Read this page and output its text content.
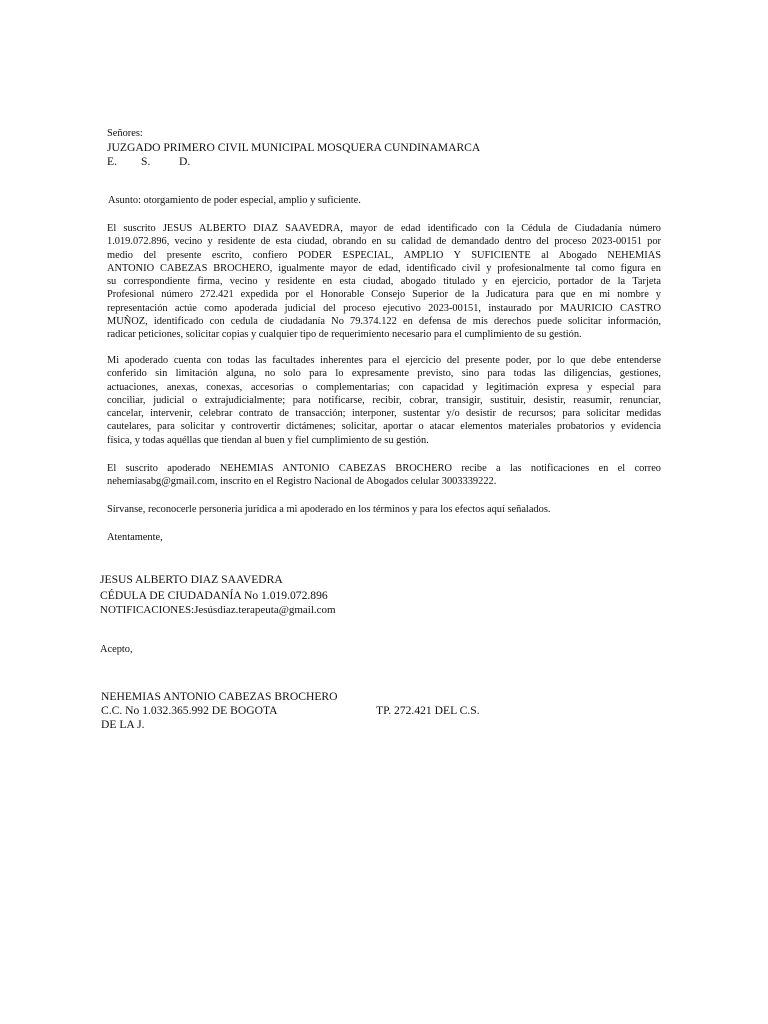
Señores:
JUZGADO PRIMERO CIVIL MUNICIPAL MOSQUERA CUNDINAMARCA
E. S. D.
Asunto: otorgamiento de poder especial, amplio y suficiente.
El suscrito JESUS ALBERTO DIAZ SAAVEDRA, mayor de edad identificado con la Cédula de Ciudadanía número
1.019.072.896, vecino y residente de esta ciudad, obrando en su calidad de demandado dentro del proceso 2023-00151 por
medio del presente escrito, confiero PODER ESPECIAL, AMPLIO Y SUFICIENTE al Abogado NEHEMIAS
ANTONIO CABEZAS BROCHERO, igualmente mayor de edad, identificado civil y profesionalmente tal como figura en
su correspondiente firma, vecino y residente en esta ciudad, abogado titulado y en ejercicio, portador de la Tarjeta
Profesional número 272.421 expedida por el Honorable Consejo Superior de la Judicatura para que en mi nombre y
representación actúe como apoderada judicial del proceso ejecutivo 2023-00151, instaurado por MAURICIO CASTRO
MUÑOZ, identificado con cedula de ciudadanía No 79.374.122 en defensa de mis derechos puede solicitar información,
radicar peticiones, solicitar copias y cualquier tipo de requerimiento necesario para el cumplimiento de su gestión.
Mi apoderado cuenta con todas las facultades inherentes para el ejercicio del presente poder, por lo que debe entenderse
conferido sin limitación alguna, no solo para lo expresamente previsto, sino para todas las diligencias, gestiones,
actuaciones, anexas, conexas, accesorias o complementarias; con capacidad y legitimación expresa y especial para
conciliar, judicial o extrajudicialmente; para notificarse, recibir, cobrar, transigir, sustituir, desistir, reasumir, renunciar,
cancelar, intervenir, celebrar contrato de transacción; interponer, sustentar y/o desistir de recursos; para solicitar medidas
cautelares, para solicitar y controvertir dictámenes; solicitar, aportar o atacar elementos materiales probatorios y evidencia
física, y todas aquéllas que tiendan al buen y fiel cumplimiento de su gestión.
El suscrito apoderado NEHEMIAS ANTONIO CABEZAS BROCHERO recibe a las notificaciones en el correo
nehemiasabg@gmail.com, inscrito en el Registro Nacional de Abogados celular 3003339222.
Sírvanse, reconocerle personería jurídica a mi apoderado en los términos y para los efectos aquí señalados.
Atentamente,
JESUS ALBERTO DIAZ SAAVEDRA
CÉDULA DE CIUDADANÍA No 1.019.072.896
NOTIFICACIONES:Jesúsdiaz.terapeuta@gmail.com
Acepto,
NEHEMIAS ANTONIO CABEZAS BROCHERO
C.C. No 1.032.365.992 DE BOGOTA	TP. 272.421 DEL C.S.
DE LA J.
